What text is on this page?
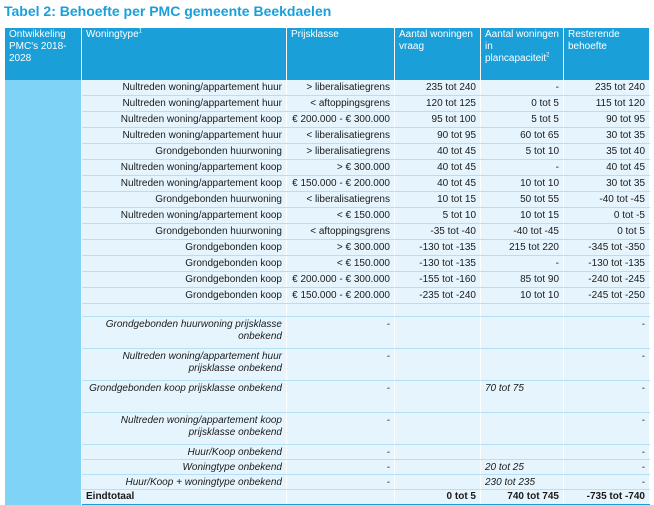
Tabel 2: Behoefte per PMC gemeente Beekdaelen
Ontwikkeling PMC's 2018-2028	Woningtype$^1$	Prijsklasse	Aantal woningen vraag	Aantal woningen in plancapaciteit$^2$	Resterende behoefte
	Nultreden woning/appartement huur	> liberalisatiegrens	235 tot 240	-	235 tot 240
	Nultreden woning/appartement huur	< aftoppingsgrens	120 tot 125	0 tot 5	115 tot 120
	Nultreden woning/appartement koop	€ 200.000 - € 300.000	95 tot 100	5 tot 5	90 tot 95
	Nultreden woning/appartement huur	< liberalisatiegrens	90 tot 95	60 tot 65	30 tot 35
	Grondgebonden huurwoning	> liberalisatiegrens	40 tot 45	5 tot 10	35 tot 40
	Nultreden woning/appartement koop	> € 300.000	40 tot 45	-	40 tot 45
	Nultreden woning/appartement koop	€ 150.000 - € 200.000	40 tot 45	10 tot 10	30 tot 35
	Grondgebonden huurwoning	< liberalisatiegrens	10 tot 15	50 tot 55	-40 tot -45
	Nultreden woning/appartement koop	< € 150.000	5 tot 10	10 tot 15	0 tot -5
	Grondgebonden huurwoning	< aftoppingsgrens	-35 tot -40	-40 tot -45	0 tot 5
	Grondgebonden koop	> € 300.000	-130 tot -135	215 tot 220	-345 tot -350
	Grondgebonden koop	< € 150.000	-130 tot -135	-	-130 tot -135
	Grondgebonden koop	€ 200.000 - € 300.000	-155 tot -160	85 tot 90	-240 tot -245
	Grondgebonden koop	€ 150.000 - € 200.000	-235 tot -240	10 tot 10	-245 tot -250

	Grondgebonden huurwoning prijsklasse onbekend	-			-
	Nultreden woning/appartement huur prijsklasse onbekend	-			-
	Grondgebonden koop prijsklasse onbekend	-		70 tot 75	-
	Nultreden woning/appartement koop prijsklasse onbekend	-			-
	Huur/Koop onbekend	-			-
	Woningtype onbekend	-		20 tot 25	-
	Huur/Koop + woningtype onbekend	-		230 tot 235	-
	Eindtotaal		0 tot 5	740 tot 745	-735 tot -740
